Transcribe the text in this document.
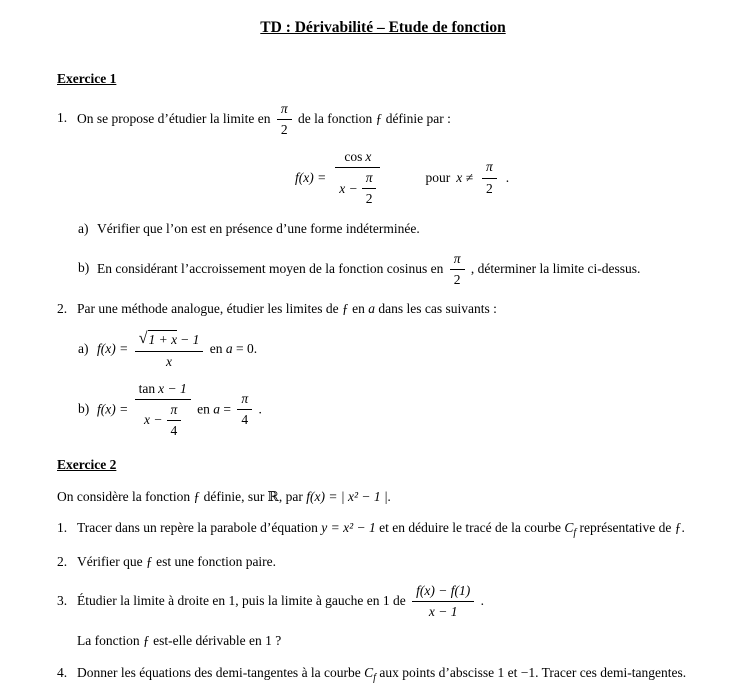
TD : Dérivabilité – Etude de fonction
Exercice 1

1. On se propose d’étudier la limite en $\frac{\pi}{2}$ de la fonction ƒ définie par :

$f(x) = \frac{\text{cos x}}{x - \frac{\pi}{2}}$	pour $x \ne \frac{\pi}{2}$ .

a) Vérifier que l’on est en présence d’une forme indéterminée.

b) En considérant l’accroissement moyen de la fonction cosinus en $\frac{\pi}{2}$ , déterminer la limite ci-dessus.

2. Par une méthode analogue, étudier les limites de ƒ en a dans les cas suivants :

a) $f(x) = \frac{√ 1 + x - 1}{x}$ en a = 0.

b) $f(x) = \frac{\text{tan x − 1}}{x - \frac{\pi}{4}}$ en $a = \frac{\pi}{4}$ .

Exercice 2

On considère la fonction ƒ définie, sur ℝ, par f(x) = | x² − 1 |.

1. Tracer dans un repère la parabole d’équation y = x² − 1 et en déduire le tracé de la courbe $C_f$ représentative de ƒ.

2. Vérifier que ƒ est une fonction paire.

3. Étudier la limite à droite en 1, puis la limite à gauche en 1 de $\frac{f(x) - f(1)}{x - 1}$ .

La fonction ƒ est-elle dérivable en 1 ?

4. Donner les équations des demi-tangentes à la courbe $C_f$ aux points d’abscisse 1 et −1. Tracer ces demi-tangentes.
